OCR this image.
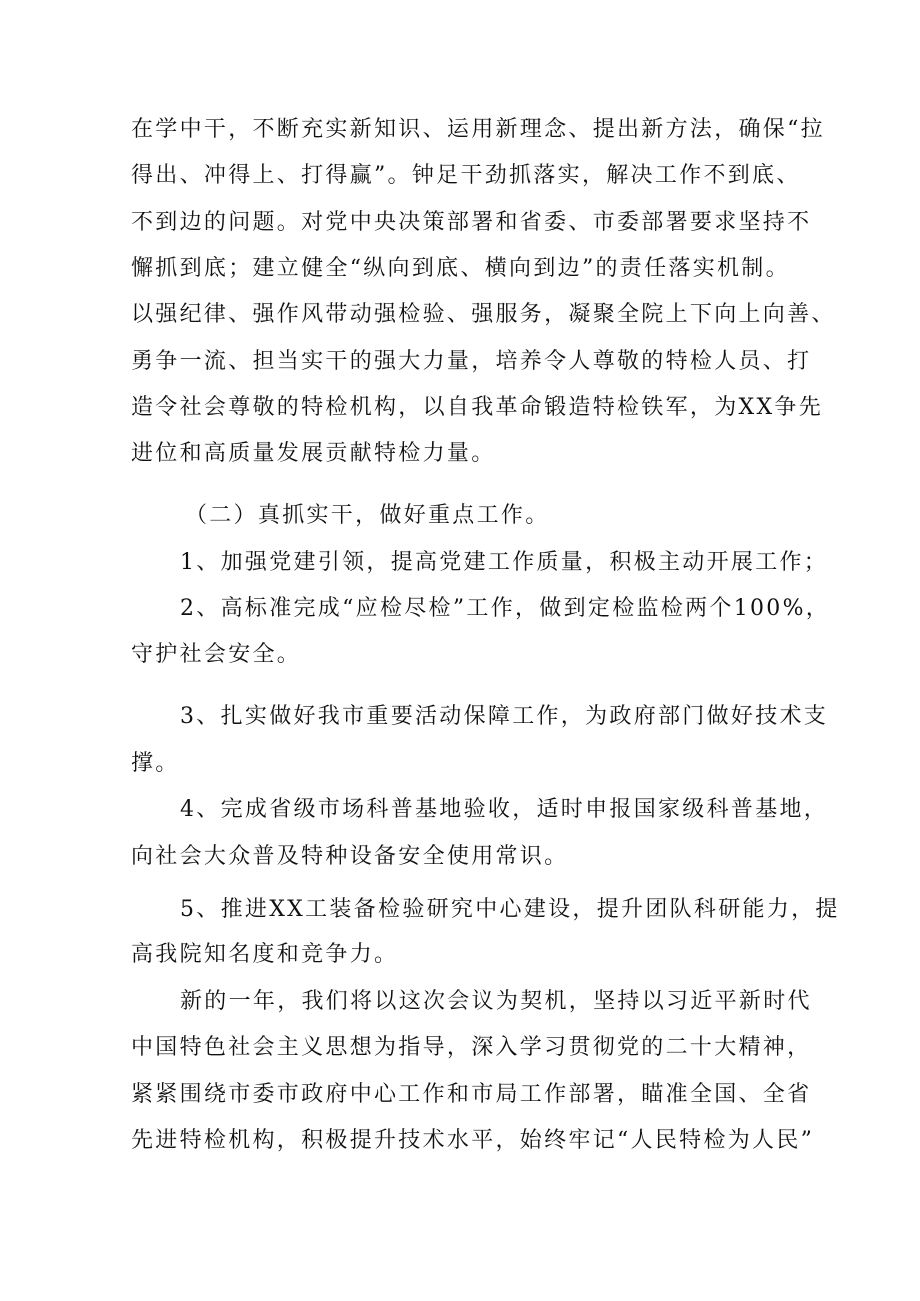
在学中干，不断充实新知识、运用新理念、提出新方法，确保“拉
得出、冲得上、打得赢”。钟足干劲抓落实，解决工作不到底、
不到边的问题。对党中央决策部署和省委、市委部署要求坚持不
懈抓到底；建立健全“纵向到底、横向到边”的责任落实机制。
以强纪律、强作风带动强检验、强服务，凝聚全院上下向上向善、
勇争一流、担当实干的强大力量，培养令人尊敬的特检人员、打
造令社会尊敬的特检机构，以自我革命锻造特检铁军，为XX争先
进位和高质量发展贡献特检力量。
（二）真抓实干，做好重点工作。
1、加强党建引领，提高党建工作质量，积极主动开展工作；
2、高标准完成“应检尽检”工作，做到定检监检两个100%，
守护社会安全。
3、扎实做好我市重要活动保障工作，为政府部门做好技术支
撑。
4、完成省级市场科普基地验收，适时申报国家级科普基地，
向社会大众普及特种设备安全使用常识。
5、推进XX工装备检验研究中心建设，提升团队科研能力，提
高我院知名度和竞争力。
新的一年，我们将以这次会议为契机，坚持以习近平新时代
中国特色社会主义思想为指导，深入学习贯彻党的二十大精神，
紧紧围绕市委市政府中心工作和市局工作部署，瞄准全国、全省
先进特检机构，积极提升技术水平，始终牢记“人民特检为人民”
